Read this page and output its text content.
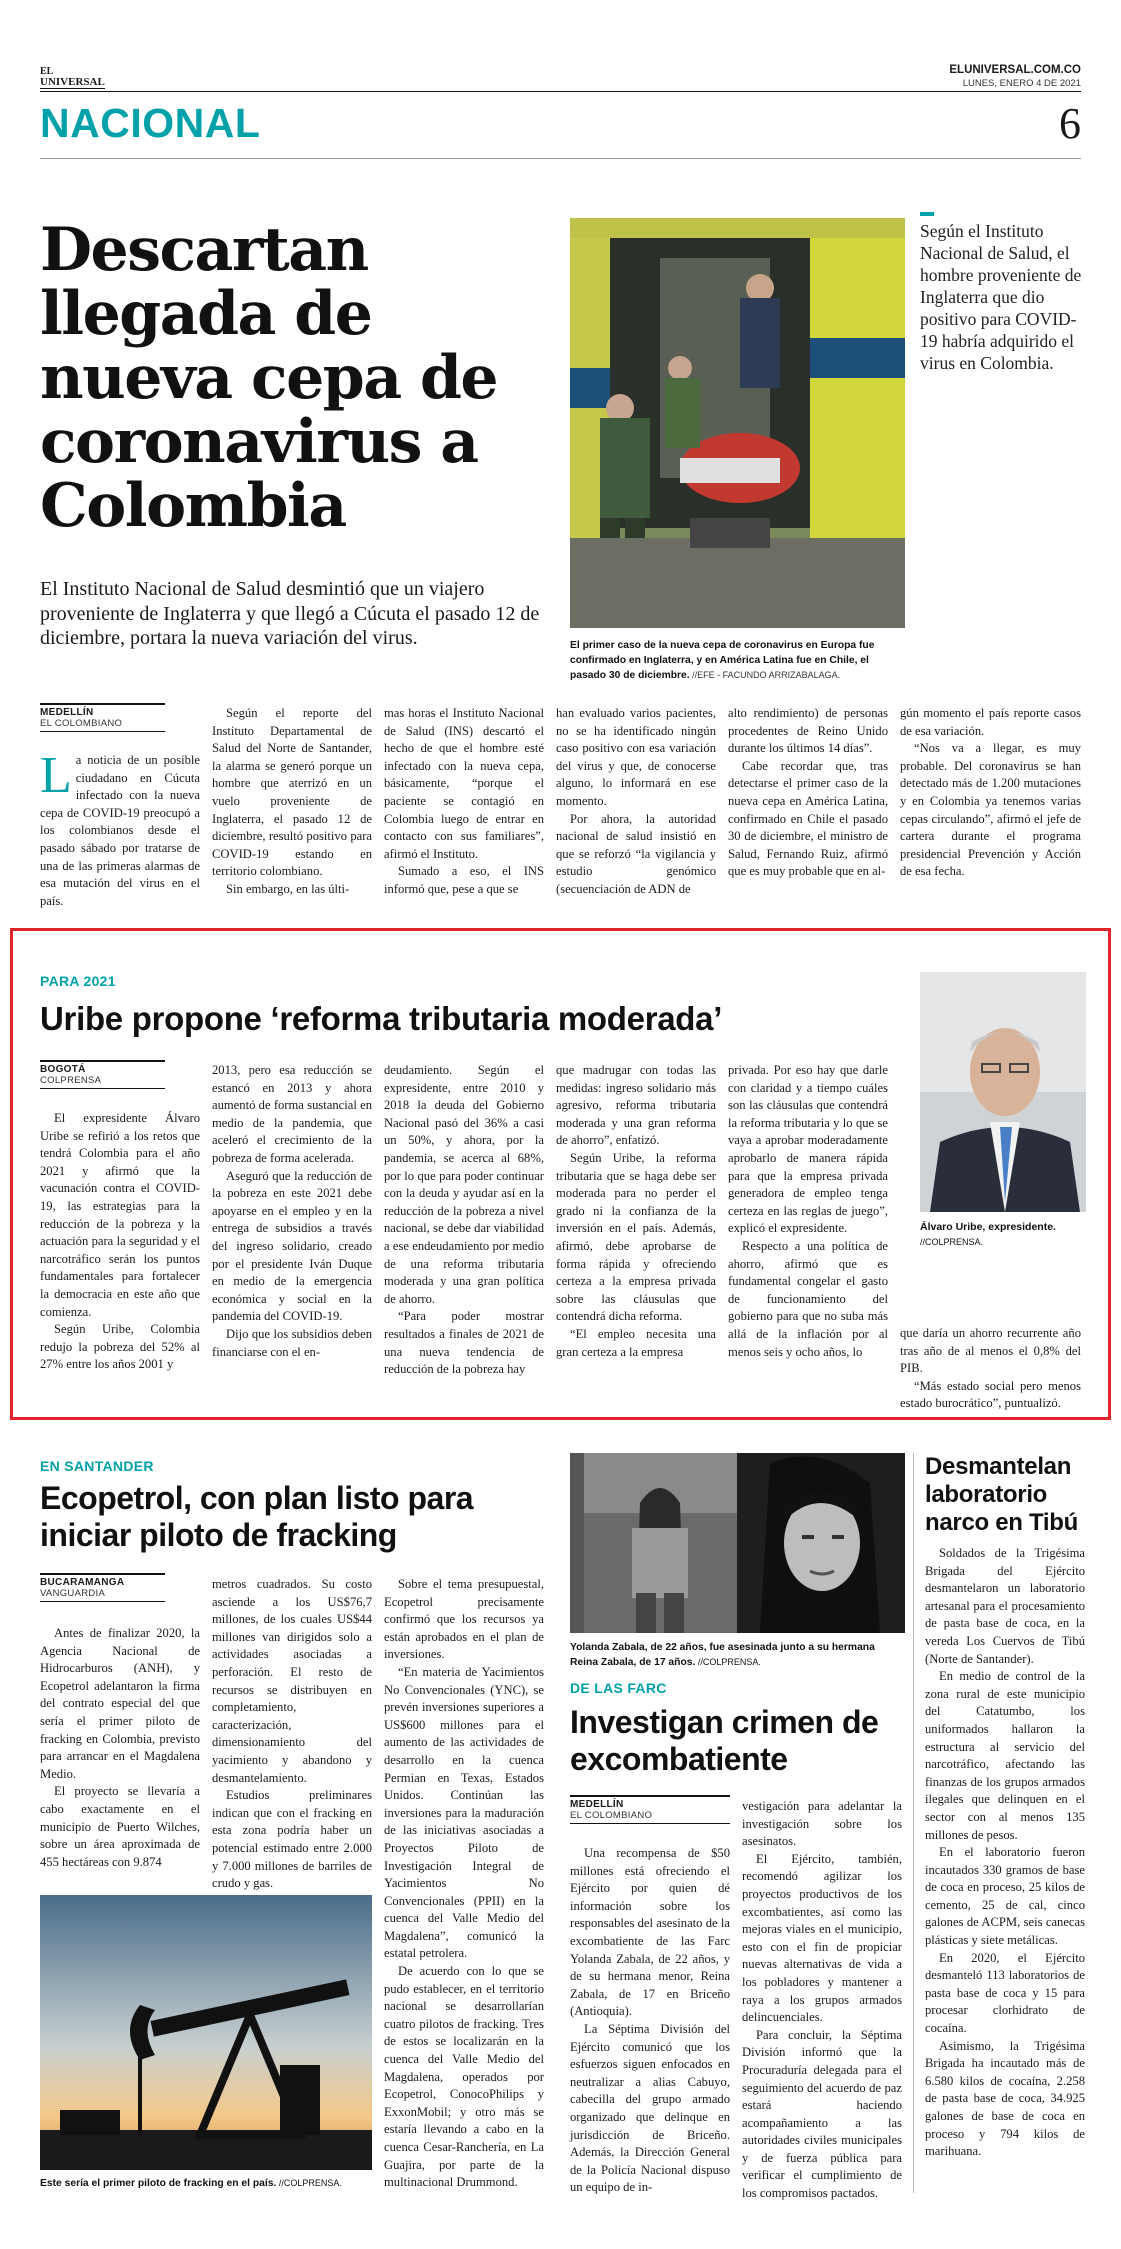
EL
UNIVERSAL
ELUNIVERSAL.COM.CO
LUNES, ENERO 4 DE 2021
NACIONAL	6
Descartan llegada de nueva cepa de coronavirus a Colombia

El Instituto Nacional de Salud desmintió que un viajero proveniente de Inglaterra y que llegó a Cúcuta el pasado 12 de diciembre, portara la nueva variación del virus.	El primer caso de la nueva cepa de coronavirus en Europa fue confirmado en Inglaterra, y en América Latina fue en Chile, el pasado 30 de diciembre. //EFE - FACUNDO ARRIZABALAGA.

Según el Instituto Nacional de Salud, el hombre proveniente de Inglaterra que dio positivo para COVID-19 habría adquirido el virus en Colombia.

MEDELLÍN
EL COLOMBIANO

La noticia de un posible ciudadano en Cúcuta infectado con la nueva cepa de COVID-19 preocupó a los colombianos desde el pasado sábado por tratarse de una de las primeras alarmas de esa mutación del virus en el país.

Según el reporte del Instituto Departamental de Salud del Norte de Santander, la alarma se generó porque un hombre que aterrizó en un vuelo proveniente de Inglaterra, el pasado 12 de diciembre, resultó positivo para COVID-19 estando en territorio colombiano.

Sin embargo, en las últi-

mas horas el Instituto Nacional de Salud (INS) descartó el hecho de que el hombre esté infectado con la nueva cepa, básicamente, “porque el paciente se contagió en Colombia luego de entrar en contacto con sus familiares”, afirmó el Instituto.

Sumado a eso, el INS informó que, pese a que se

han evaluado varios pacientes, no se ha identificado ningún caso positivo con esa variación del virus y que, de conocerse alguno, lo informará en ese momento.

Por ahora, la autoridad nacional de salud insistió en que se reforzó “la vigilancia y estudio genómico (secuenciación de ADN de

alto rendimiento) de personas procedentes de Reino Unido durante los últimos 14 días”.

Cabe recordar que, tras detectarse el primer caso de la nueva cepa en América Latina, confirmado en Chile el pasado 30 de diciembre, el ministro de Salud, Fernando Ruiz, afirmó que es muy probable que en al-

gún momento el país reporte casos de esa variación.

“Nos va a llegar, es muy probable. Del coronavirus se han detectado más de 1.200 mutaciones y en Colombia ya tenemos varias cepas circulando”, afirmó el jefe de cartera durante el programa presidencial Prevención y Acción de esa fecha.

PARA 2021
Uribe propone ‘reforma tributaria moderada’
BOGOTÁ
COLPRENSA

El expresidente Álvaro Uribe se refirió a los retos que tendrá Colombia para el año 2021 y afirmó que la vacunación contra el COVID-19, las estrategias para la reducción de la pobreza y la actuación para la seguridad y el narcotráfico serán los puntos fundamentales para fortalecer la democracia en este año que comienza.

Según Uribe, Colombia redujo la pobreza del 52% al 27% entre los años 2001 y

2013, pero esa reducción se estancó en 2013 y ahora aumentó de forma sustancial en medio de la pandemia, que aceleró el crecimiento de la pobreza de forma acelerada.

Aseguró que la reducción de la pobreza en este 2021 debe apoyarse en el empleo y en la entrega de subsidios a través del ingreso solidario, creado por el presidente Iván Duque en medio de la emergencia económica y social en la pandemia del COVID-19.

Dijo que los subsidios deben financiarse con el en-

deudamiento. Según el expresidente, entre 2010 y 2018 la deuda del Gobierno Nacional pasó del 36% a casi un 50%, y ahora, por la pandemia, se acerca al 68%, por lo que para poder continuar con la deuda y ayudar así en la reducción de la pobreza a nivel nacional, se debe dar viabilidad a ese endeudamiento por medio de una reforma tributaria moderada y una gran política de ahorro.

“Para poder mostrar resultados a finales de 2021 de una nueva tendencia de reducción de la pobreza hay

que madrugar con todas las medidas: ingreso solidario más agresivo, reforma tributaria moderada y una gran reforma de ahorro”, enfatizó.

Según Uribe, la reforma tributaria que se haga debe ser moderada para no perder el grado ni la confianza de la inversión en el país. Además, afirmó, debe aprobarse de forma rápida y ofreciendo certeza a la empresa privada sobre las cláusulas que contendrá dicha reforma.

“El empleo necesita una gran certeza a la empresa

privada. Por eso hay que darle con claridad y a tiempo cuáles son las cláusulas que contendrá la reforma tributaria y lo que se vaya a aprobar moderadamente aprobarlo de manera rápida para que la empresa privada generadora de empleo tenga certeza en las reglas de juego”, explicó el expresidente.

Respecto a una política de ahorro, afirmó que es fundamental congelar el gasto de funcionamiento del gobierno para que no suba más allá de la inflación por al menos seis y ocho años, lo

Álvaro Uribe, expresidente.
//COLPRENSA.

que daría un ahorro recurrente año tras año de al menos el 0,8% del PIB.

“Más estado social pero menos estado burocrático”, puntualizó.

EN SANTANDER
Ecopetrol, con plan listo para iniciar piloto de fracking
BUCARAMANGA
VANGUARDIA

Antes de finalizar 2020, la Agencia Nacional de Hidrocarburos (ANH), y Ecopetrol adelantaron la firma del contrato especial del que sería el primer piloto de fracking en Colombia, previsto para arrancar en el Magdalena Medio.

El proyecto se llevaría a cabo exactamente en el municipio de Puerto Wilches, sobre un área aproximada de 455 hectáreas con 9.874

metros cuadrados. Su costo asciende a los US$76,7 millones, de los cuales US$44 millones van dirigidos solo a actividades asociadas a perforación. El resto de recursos se distribuyen en completamiento, caracterización, dimensionamiento del yacimiento y abandono y desmantelamiento.

Estudios preliminares indican que con el fracking en esta zona podría haber un potencial estimado entre 2.000 y 7.000 millones de barriles de crudo y gas.

Sobre el tema presupuestal, Ecopetrol precisamente confirmó que los recursos ya están aprobados en el plan de inversiones.

“En materia de Yacimientos No Convencionales (YNC), se prevén inversiones superiores a US$600 millones para el aumento de las actividades de desarrollo en la cuenca Permian en Texas, Estados Unidos. Continúan las inversiones para la maduración de las iniciativas asociadas a Proyectos Piloto de Investigación Integral de Yacimientos No Convencionales (PPII) en la cuenca del Valle Medio del Magdalena”, comunicó la estatal petrolera.

De acuerdo con lo que se pudo establecer, en el territorio nacional se desarrollarían cuatro pilotos de fracking. Tres de estos se localizarán en la cuenca del Valle Medio del Magdalena, operados por Ecopetrol, ConocoPhilips y ExxonMobil; y otro más se estaría llevando a cabo en la cuenca Cesar-Ranchería, en La Guajira, por parte de la multinacional Drummond.

Este sería el primer piloto de fracking en el país. //COLPRENSA.

Yolanda Zabala, de 22 años, fue asesinada junto a su hermana Reina Zabala, de 17 años. //COLPRENSA.

DE LAS FARC
Investigan crimen de excombatiente
MEDELLÍN
EL COLOMBIANO

Una recompensa de $50 millones está ofreciendo el Ejército por quien dé información sobre los responsables del asesinato de la excombatiente de las Farc Yolanda Zabala, de 22 años, y de su hermana menor, Reina Zabala, de 17 en Briceño (Antioquia).

La Séptima División del Ejército comunicó que los esfuerzos siguen enfocados en neutralizar a alias Cabuyo, cabecilla del grupo armado organizado que delinque en jurisdicción de Briceño. Además, la Dirección General de la Policía Nacional dispuso un equipo de in-

vestigación para adelantar la investigación sobre los asesinatos.

El Ejército, también, recomendó agilizar los proyectos productivos de los excombatientes, así como las mejoras viales en el municipio, esto con el fin de propiciar nuevas alternativas de vida a los pobladores y mantener a raya a los grupos armados delincuenciales.

Para concluir, la Séptima División informó que la Procuraduría delegada para el seguimiento del acuerdo de paz estará haciendo acompañamiento a las autoridades civiles municipales y de fuerza pública para verificar el cumplimiento de los compromisos pactados.

Desmantelan laboratorio narco en Tibú

Soldados de la Trigésima Brigada del Ejército desmantelaron un laboratorio artesanal para el procesamiento de pasta base de coca, en la vereda Los Cuervos de Tibú (Norte de Santander).

En medio de control de la zona rural de este municipio del Catatumbo, los uniformados hallaron la estructura al servicio del narcotráfico, afectando las finanzas de los grupos armados ilegales que delinquen en el sector con al menos 135 millones de pesos.

En el laboratorio fueron incautados 330 gramos de base de coca en proceso, 25 kilos de cemento, 25 de cal, cinco galones de ACPM, seis canecas plásticas y siete metálicas.

En 2020, el Ejército desmanteló 113 laboratorios de pasta base de coca y 15 para procesar clorhidrato de cocaína.

Asimismo, la Trigésima Brigada ha incautado más de 6.580 kilos de cocaína, 2.258 de pasta base de coca, 34.925 galones de base de coca en proceso y 794 kilos de marihuana.
